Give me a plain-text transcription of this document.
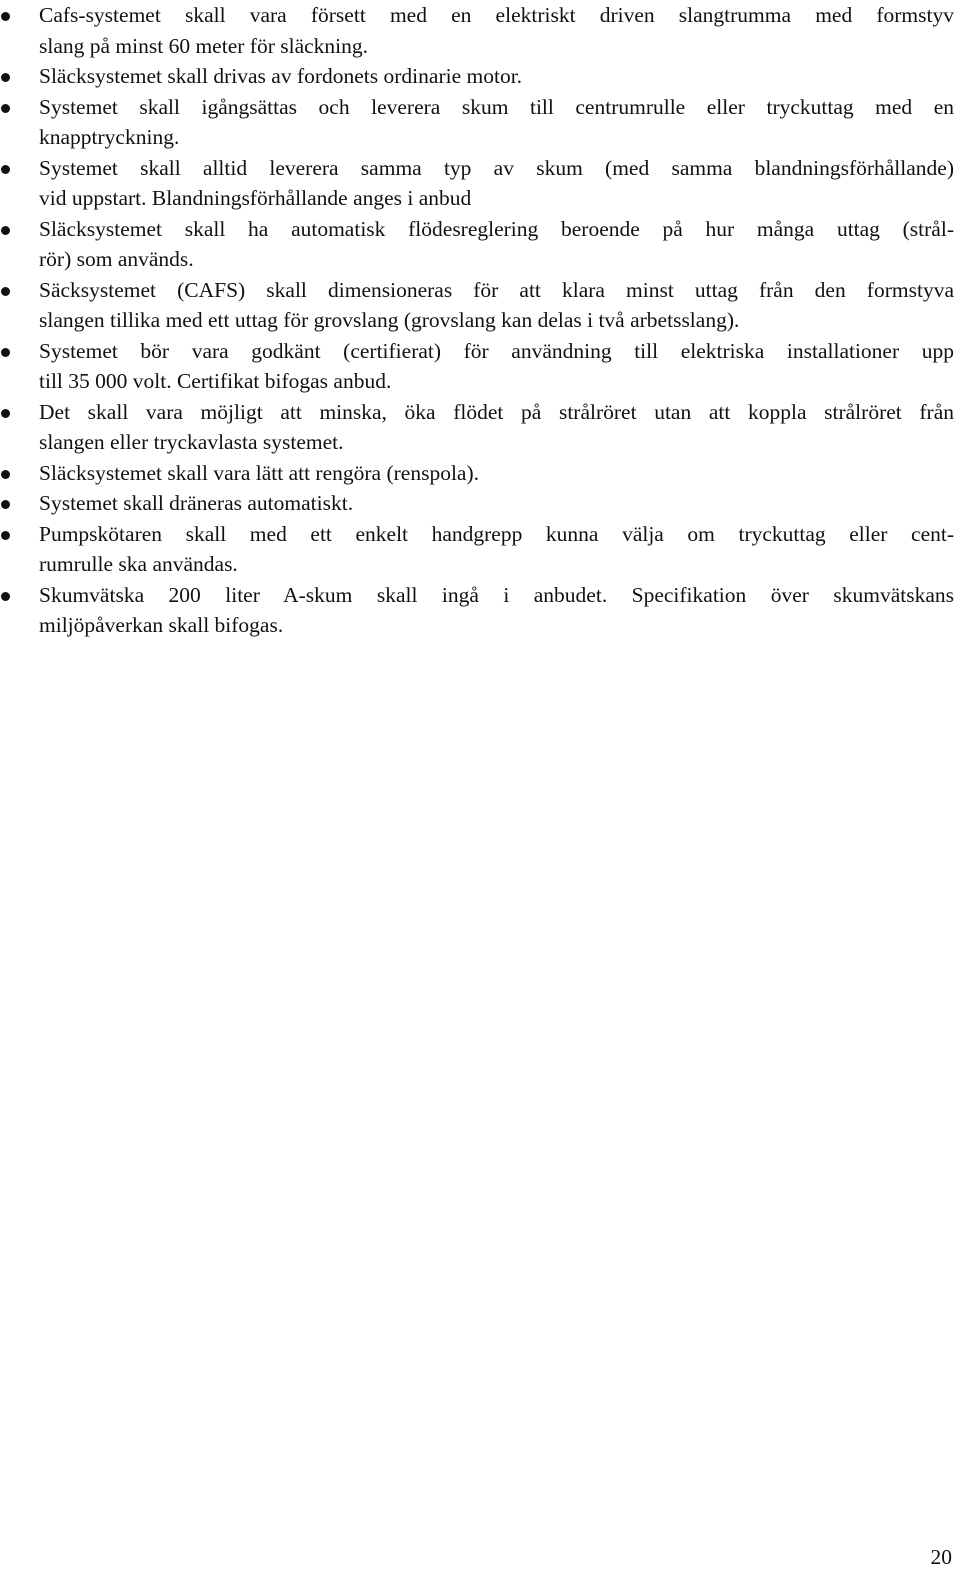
Cafs-systemet skall vara försett med en elektriskt driven slangtrumma med formstyv
slang på minst 60 meter för släckning.
Släcksystemet skall drivas av fordonets ordinarie motor.
Systemet skall igångsättas och leverera skum till centrumrulle eller tryckuttag med en
knapptryckning.
Systemet skall alltid leverera samma typ av skum (med samma blandningsförhållande)
vid uppstart. Blandningsförhållande anges i anbud
Släcksystemet skall ha automatisk flödesreglering beroende på hur många uttag (strål-
rör) som används.
Säcksystemet (CAFS) skall dimensioneras för att klara minst uttag från den formstyva
slangen tillika med ett uttag för grovslang (grovslang kan delas i två arbetsslang).
Systemet bör vara godkänt (certifierat) för användning till elektriska installationer upp
till 35 000 volt. Certifikat bifogas anbud.
Det skall vara möjligt att minska, öka flödet på strålröret utan att koppla strålröret från
slangen eller tryckavlasta systemet.
Släcksystemet skall vara lätt att rengöra (renspola).
Systemet skall dräneras automatiskt.
Pumpskötaren skall med ett enkelt handgrepp kunna välja om tryckuttag eller cent-
rumrulle ska användas.
Skumvätska 200 liter A-skum skall ingå i anbudet. Specifikation över skumvätskans
miljöpåverkan skall bifogas.
20
